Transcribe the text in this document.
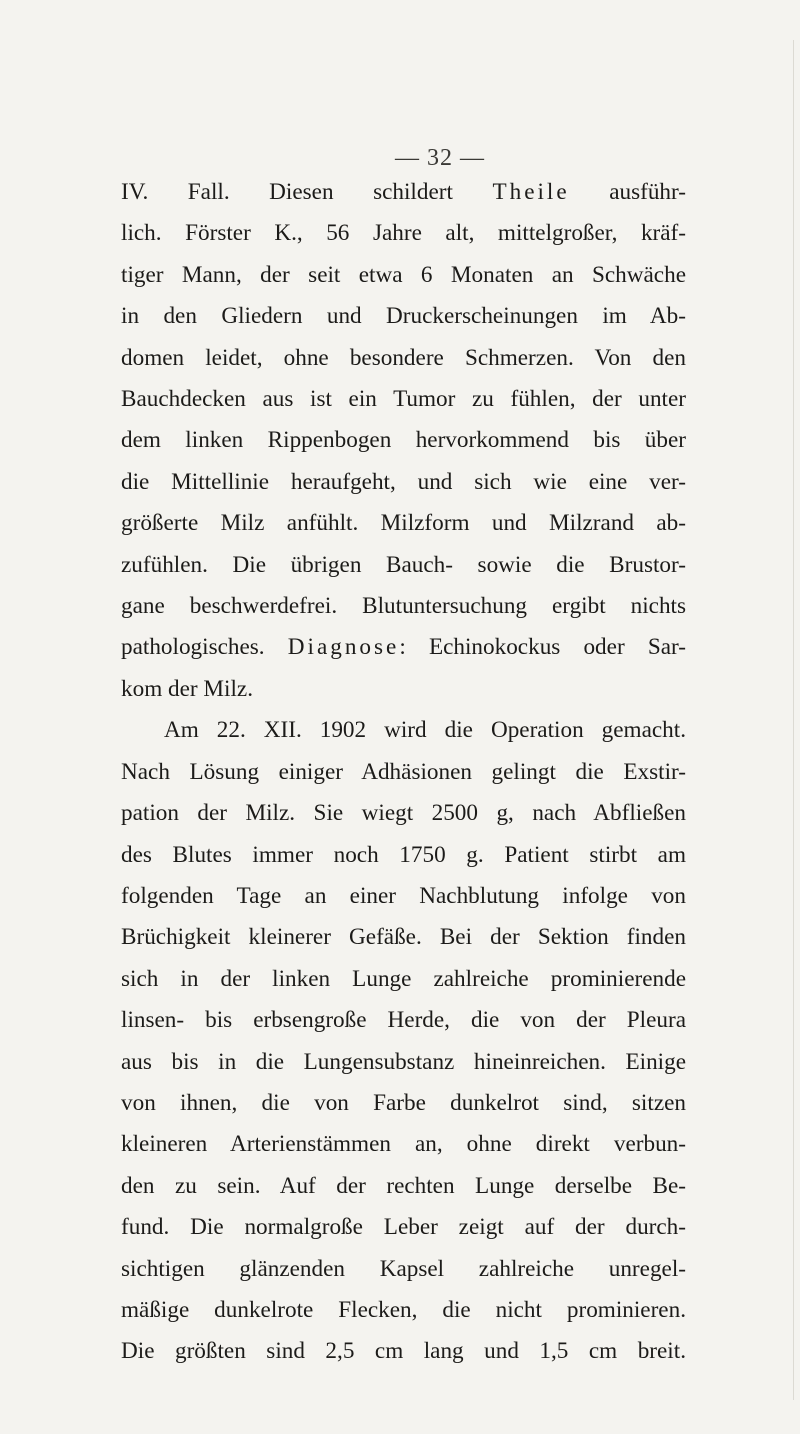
— 32 —
IV. Fall. Diesen schildert Theile ausführ-
lich. Förster K., 56 Jahre alt, mittelgroßer, kräf-
tiger Mann, der seit etwa 6 Monaten an Schwäche
in den Gliedern und Druckerscheinungen im Ab-
domen leidet, ohne besondere Schmerzen. Von den
Bauchdecken aus ist ein Tumor zu fühlen, der unter
dem linken Rippenbogen hervorkommend bis über
die Mittellinie heraufgeht, und sich wie eine ver-
größerte Milz anfühlt. Milzform und Milzrand ab-
zufühlen. Die übrigen Bauch- sowie die Brustor-
gane beschwerdefrei. Blutuntersuchung ergibt nichts
pathologisches. Diagnose: Echinokockus oder Sar-
kom der Milz.
Am 22. XII. 1902 wird die Operation gemacht.
Nach Lösung einiger Adhäsionen gelingt die Exstir-
pation der Milz. Sie wiegt 2500 g, nach Abfließen
des Blutes immer noch 1750 g. Patient stirbt am
folgenden Tage an einer Nachblutung infolge von
Brüchigkeit kleinerer Gefäße. Bei der Sektion finden
sich in der linken Lunge zahlreiche prominierende
linsen- bis erbsengroße Herde, die von der Pleura
aus bis in die Lungensubstanz hineinreichen. Einige
von ihnen, die von Farbe dunkelrot sind, sitzen
kleineren Arterienstämmen an, ohne direkt verbun-
den zu sein. Auf der rechten Lunge derselbe Be-
fund. Die normalgroße Leber zeigt auf der durch-
sichtigen glänzenden Kapsel zahlreiche unregel-
mäßige dunkelrote Flecken, die nicht prominieren.
Die größten sind 2,5 cm lang und 1,5 cm breit.
